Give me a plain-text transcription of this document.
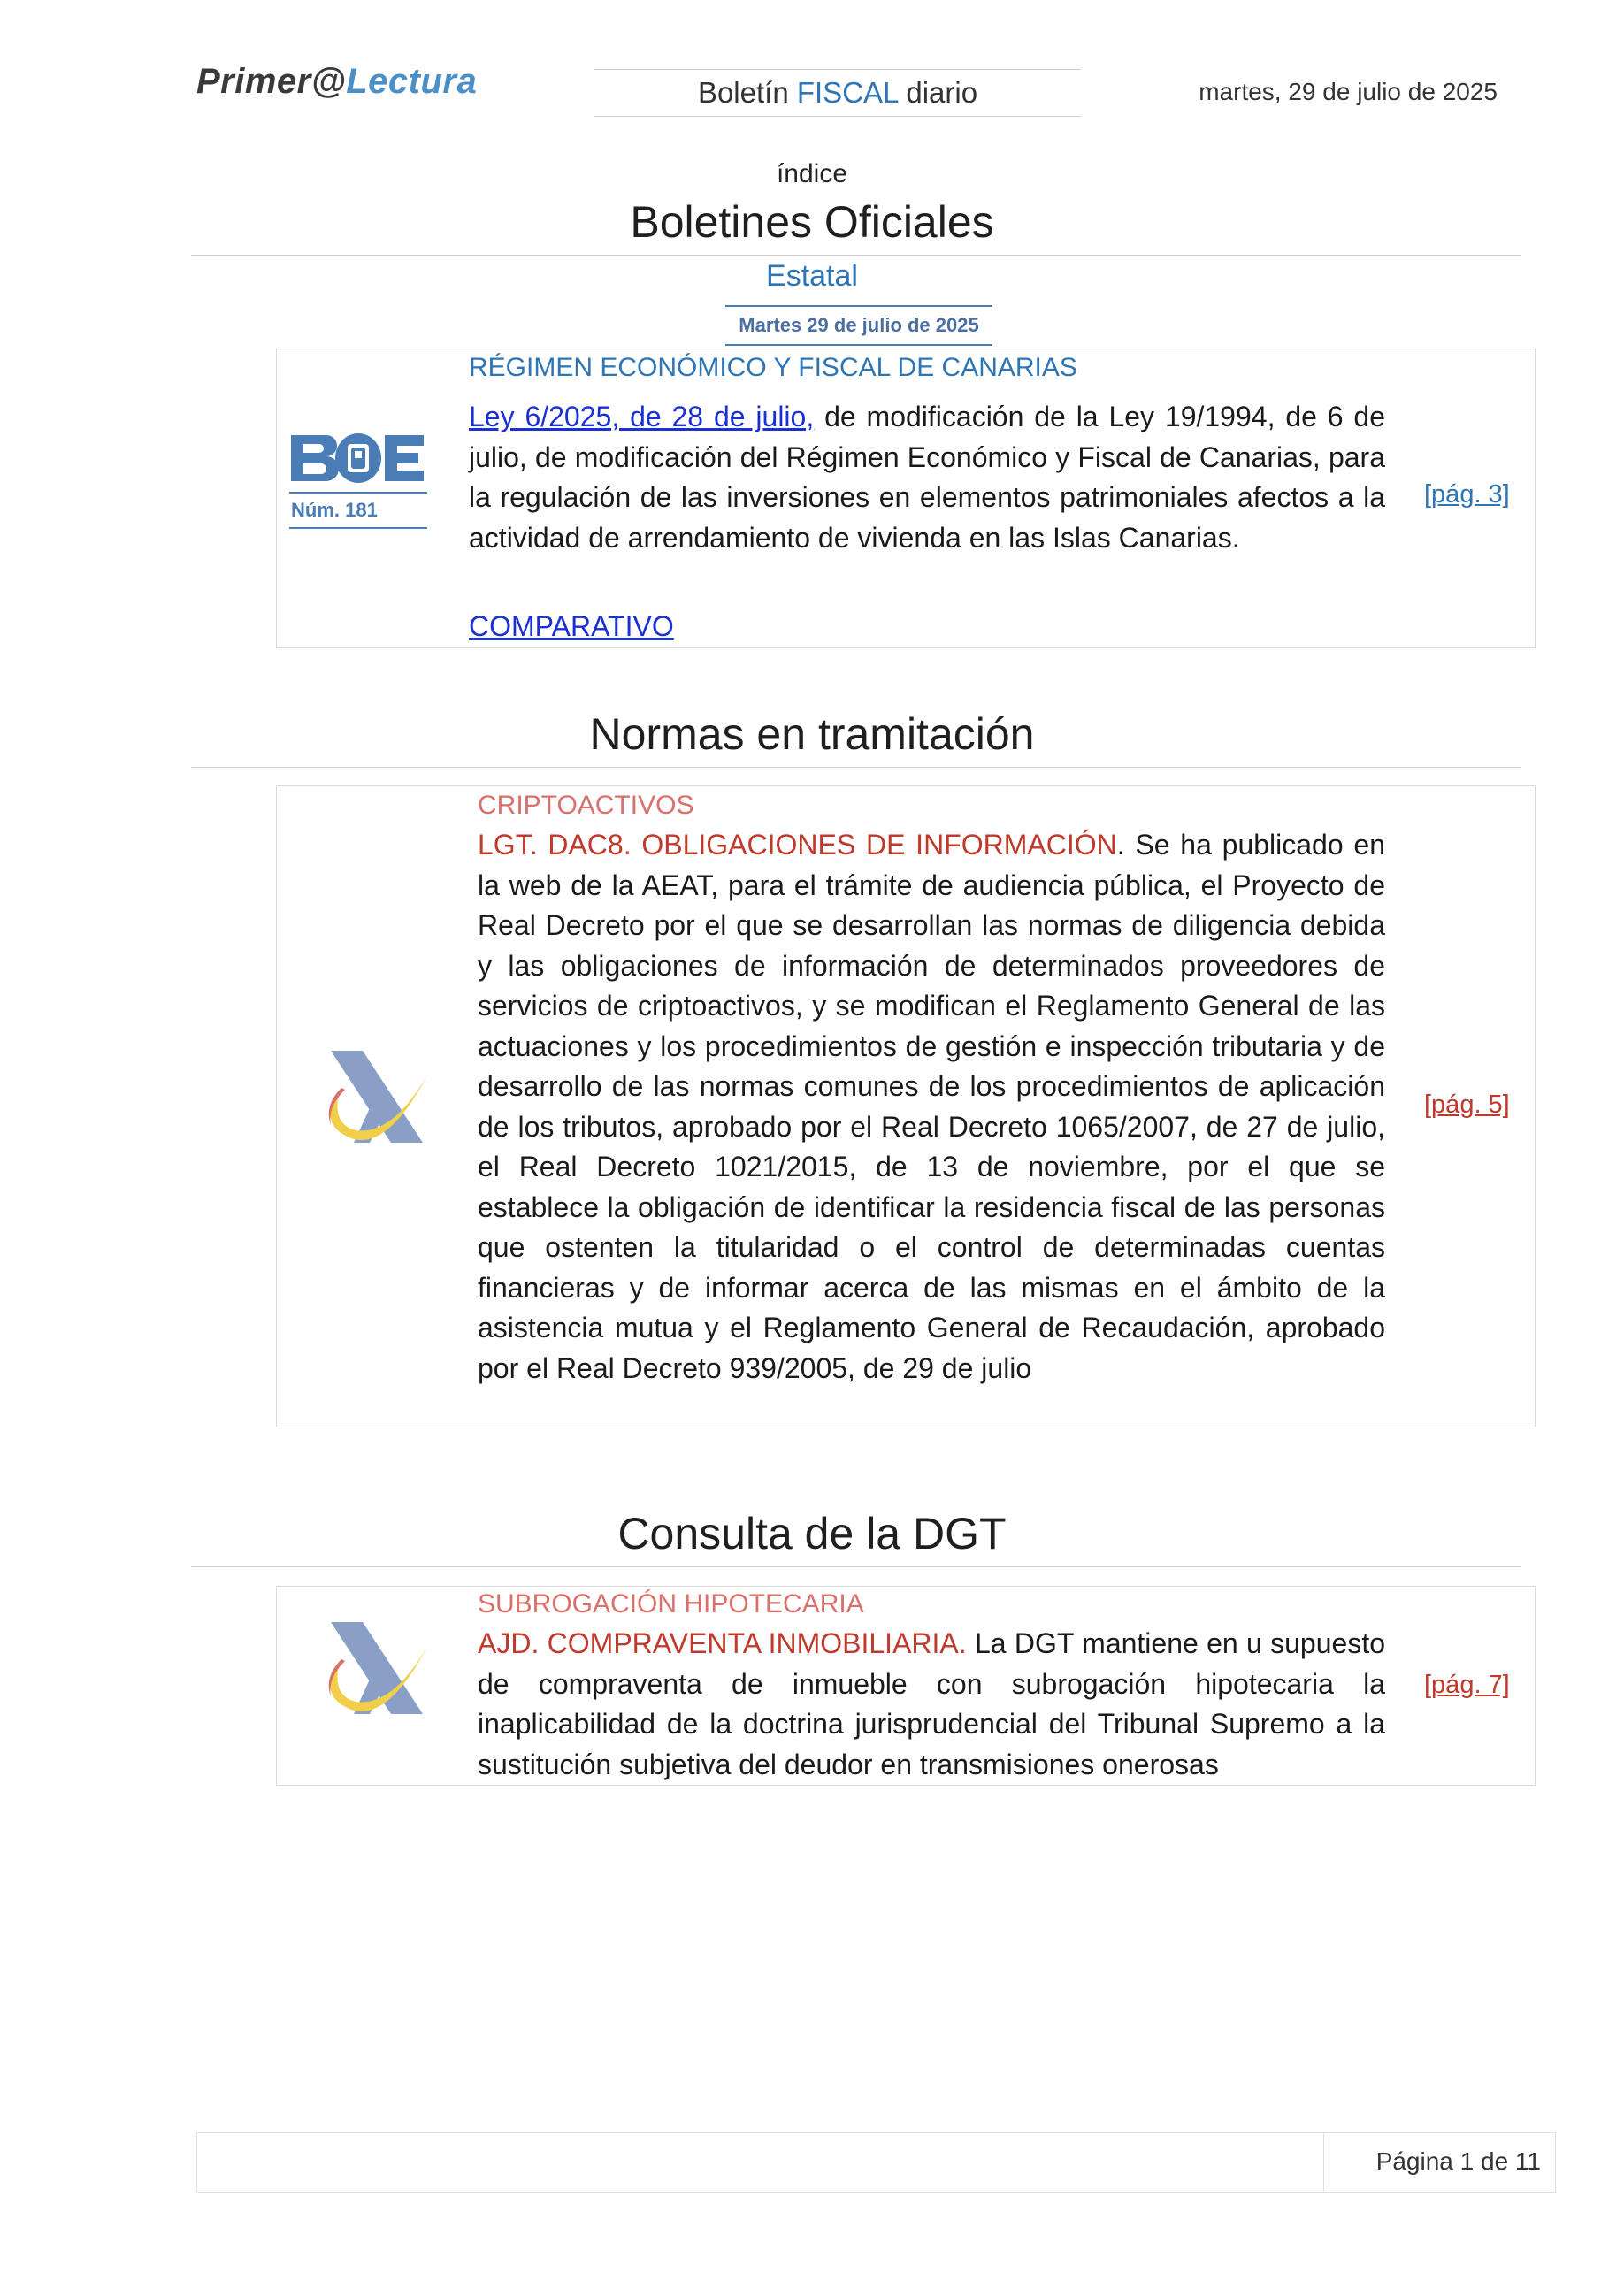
Primer@Lectura	Boletín FISCAL diario	martes, 29 de julio de 2025
índice
Boletines Oficiales
Estatal
Martes 29 de julio de 2025
Núm. 181
RÉGIMEN ECONÓMICO Y FISCAL DE CANARIAS
Ley 6/2025, de 28 de julio, de modificación de la Ley 19/1994, de 6 de julio, de modificación del Régimen Económico y Fiscal de Canarias, para la regulación de las inversiones en elementos patrimoniales afectos a la actividad de arrendamiento de vivienda en las Islas Canarias.
COMPARATIVO
[pág. 3]
Normas en tramitación
CRIPTOACTIVOS
LGT. DAC8. OBLIGACIONES DE INFORMACIÓN. Se ha publicado en la web de la AEAT, para el trámite de audiencia pública, el Proyecto de Real Decreto por el que se desarrollan las normas de diligencia debida y las obligaciones de información de determinados proveedores de servicios de criptoactivos, y se modifican el Reglamento General de las actuaciones y los procedimientos de gestión e inspección tributaria y de desarrollo de las normas comunes de los procedimientos de aplicación de los tributos, aprobado por el Real Decreto 1065/2007, de 27 de julio, el Real Decreto 1021/2015, de 13 de noviembre, por el que se establece la obligación de identificar la residencia fiscal de las personas que ostenten la titularidad o el control de determinadas cuentas financieras y de informar acerca de las mismas en el ámbito de la asistencia mutua y el Reglamento General de Recaudación, aprobado por el Real Decreto 939/2005, de 29 de julio
[pág. 5]
Consulta de la DGT
SUBROGACIÓN HIPOTECARIA
AJD. COMPRAVENTA INMOBILIARIA. La DGT mantiene en u supuesto de compraventa de inmueble con subrogación hipotecaria la inaplicabilidad de la doctrina jurisprudencial del Tribunal Supremo a la sustitución subjetiva del deudor en transmisiones onerosas
[pág. 7]
Página 1 de 11
